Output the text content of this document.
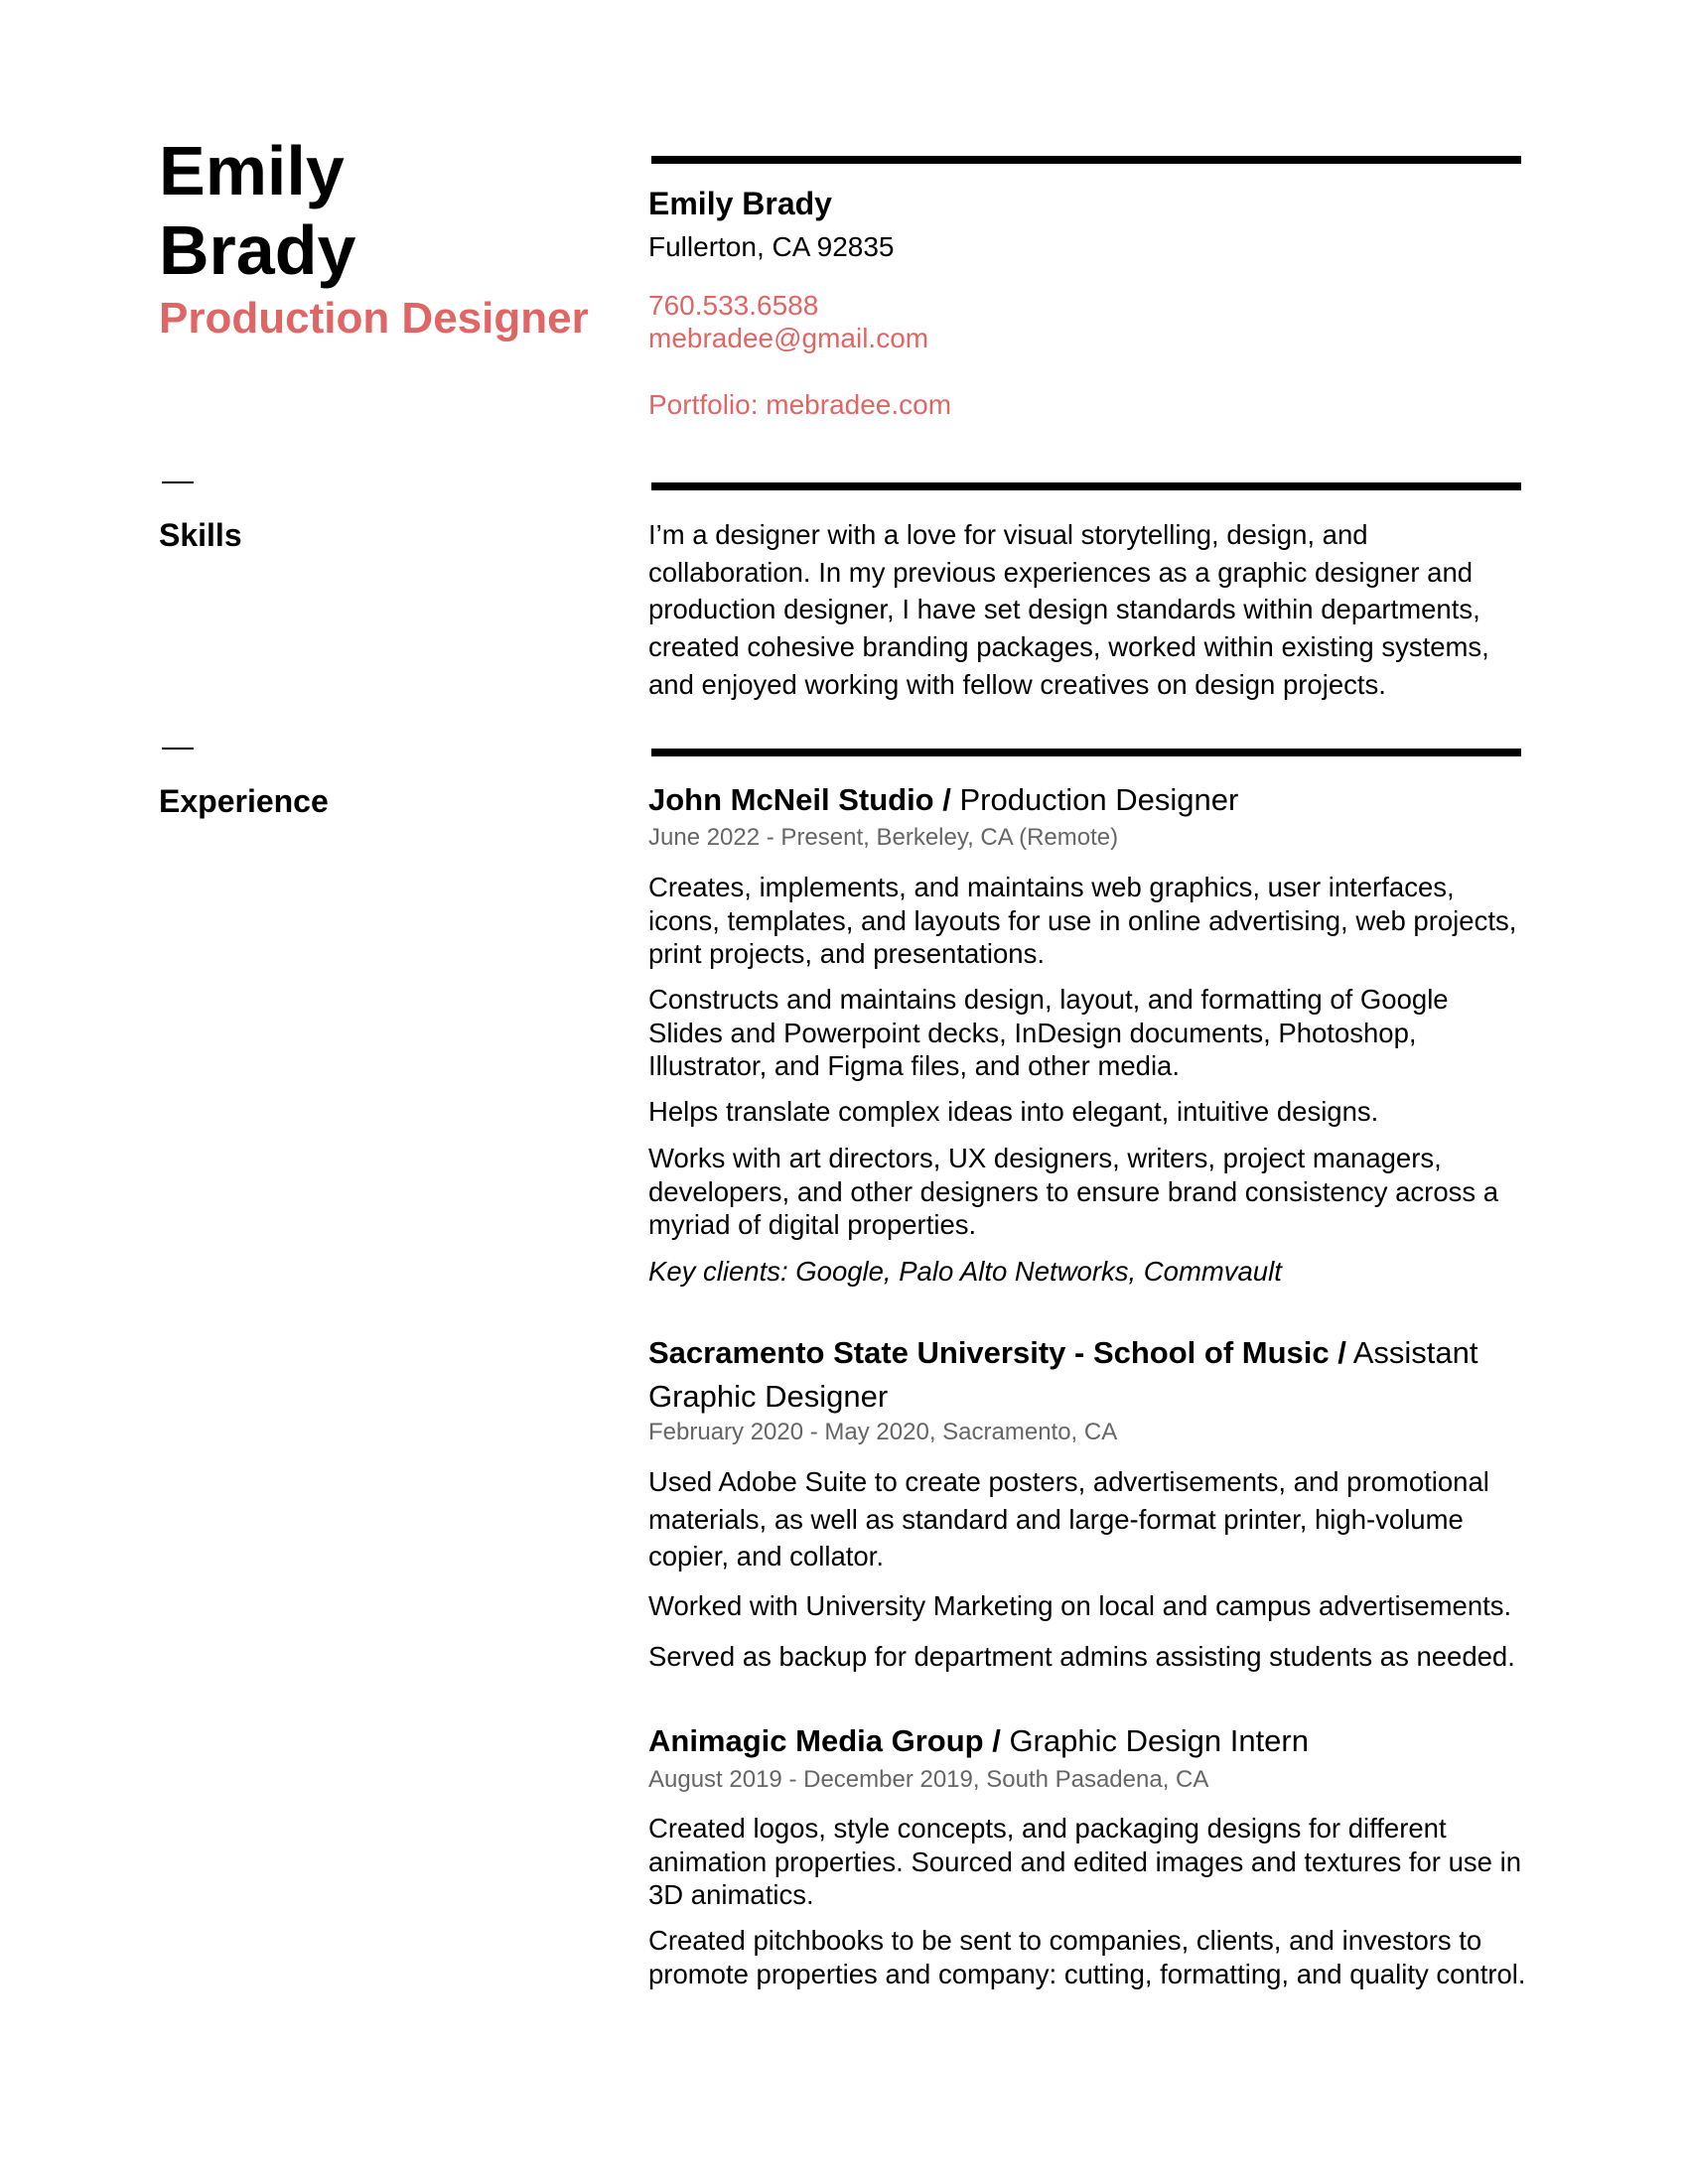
Emily
Brady
Production Designer
Emily Brady
Fullerton, CA 92835
760.533.6588
mebradee@gmail.com
Portfolio: mebradee.com
Skills	I’m a designer with a love for visual storytelling, design, and collaboration. In my previous experiences as a graphic designer and production designer, I have set design standards within departments, created cohesive branding packages, worked within existing systems, and enjoyed working with fellow creatives on design projects.

Experience	John McNeil Studio / Production Designer
June 2022 - Present, Berkeley, CA (Remote)

Creates, implements, and maintains web graphics, user interfaces, icons, templates, and layouts for use in online advertising, web projects, print projects, and presentations.

Constructs and maintains design, layout, and formatting of Google Slides and Powerpoint decks, InDesign documents, Photoshop, Illustrator, and Figma files, and other media.

Helps translate complex ideas into elegant, intuitive designs.

Works with art directors, UX designers, writers, project managers, developers, and other designers to ensure brand consistency across a myriad of digital properties.

Key clients: Google, Palo Alto Networks, Commvault

Sacramento State University - School of Music / Assistant Graphic Designer
February 2020 - May 2020, Sacramento, CA

Used Adobe Suite to create posters, advertisements, and promotional materials, as well as standard and large-format printer, high-volume copier, and collator.

Worked with University Marketing on local and campus advertisements.

Served as backup for department admins assisting students as needed.

Animagic Media Group / Graphic Design Intern
August 2019 - December 2019, South Pasadena, CA

Created logos, style concepts, and packaging designs for different animation properties. Sourced and edited images and textures for use in 3D animatics.

Created pitchbooks to be sent to companies, clients, and investors to promote properties and company: cutting, formatting, and quality control.
